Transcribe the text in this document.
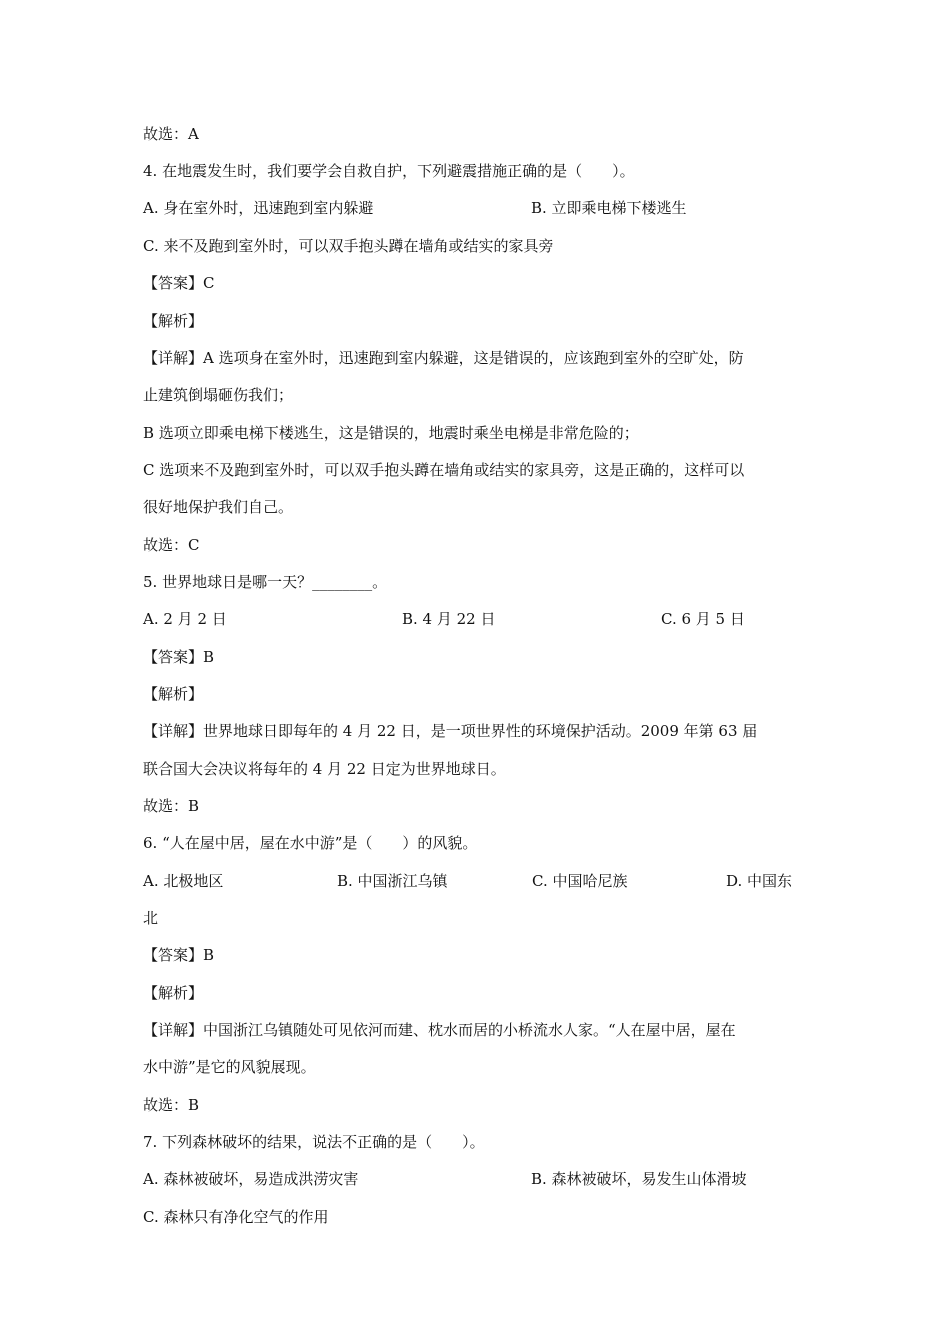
故选：A
4. 在地震发生时，我们要学会自救自护，下列避震措施正确的是（　　）。
A. 身在室外时，迅速跑到室内躲避	B. 立即乘电梯下楼逃生
C. 来不及跑到室外时，可以双手抱头蹲在墙角或结实的家具旁
【答案】C
【解析】
【详解】A 选项身在室外时，迅速跑到室内躲避，这是错误的，应该跑到室外的空旷处，防
止建筑倒塌砸伤我们；
B 选项立即乘电梯下楼逃生，这是错误的，地震时乘坐电梯是非常危险的；
C 选项来不及跑到室外时，可以双手抱头蹲在墙角或结实的家具旁，这是正确的，这样可以
很好地保护我们自己。
故选：C
5. 世界地球日是哪一天？________。
A. 2 月 2 日	B. 4 月 22 日	C. 6 月 5 日
【答案】B
【解析】
【详解】世界地球日即每年的 4 月 22 日，是一项世界性的环境保护活动。2009 年第 63 届
联合国大会决议将每年的 4 月 22 日定为世界地球日。
故选：B
6. “人在屋中居，屋在水中游”是（　　）的风貌。
A. 北极地区	B. 中国浙江乌镇	C. 中国哈尼族	D. 中国东
北
【答案】B
【解析】
【详解】中国浙江乌镇随处可见依河而建、枕水而居的小桥流水人家。“人在屋中居，屋在
水中游”是它的风貌展现。
故选：B
7. 下列森林破坏的结果，说法不正确的是（　　）。
A. 森林被破坏，易造成洪涝灾害	B. 森林被破坏，易发生山体滑坡
C. 森林只有净化空气的作用
